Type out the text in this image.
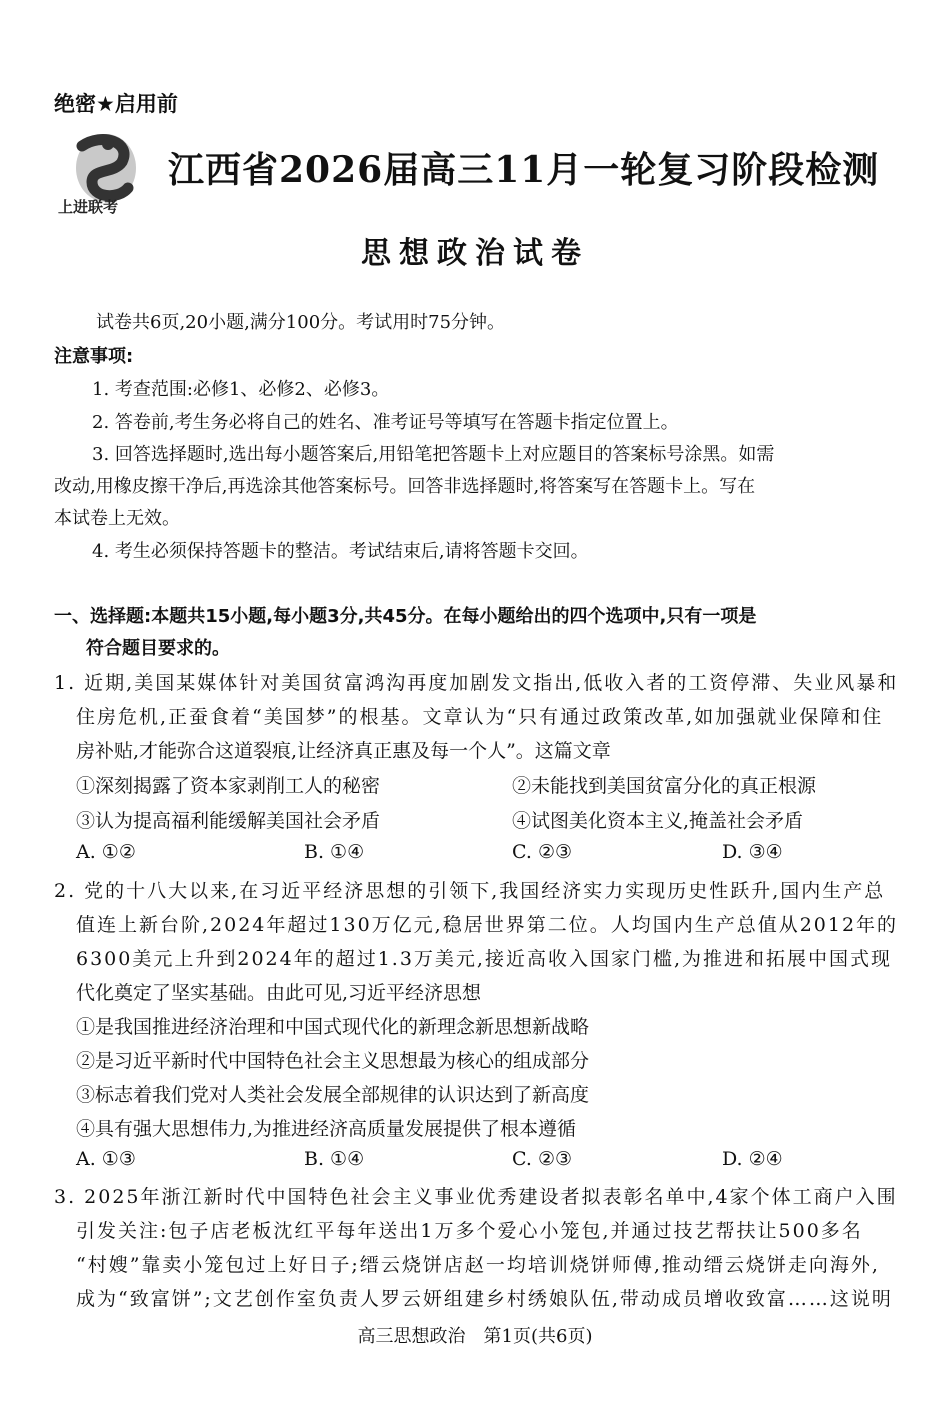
绝密★启用前
上进联考
江西省2026届高三11月一轮复习阶段检测
思想政治试卷
试卷共6页,20小题,满分100分。考试用时75分钟。
注意事项:
1. 考查范围:必修1、必修2、必修3。
2. 答卷前,考生务必将自己的姓名、准考证号等填写在答题卡指定位置上。
3. 回答选择题时,选出每小题答案后,用铅笔把答题卡上对应题目的答案标号涂黑。如需
改动,用橡皮擦干净后,再选涂其他答案标号。回答非选择题时,将答案写在答题卡上。写在
本试卷上无效。
4. 考生必须保持答题卡的整洁。考试结束后,请将答题卡交回。
一、选择题:本题共15小题,每小题3分,共45分。在每小题给出的四个选项中,只有一项是
符合题目要求的。
1. 近期,美国某媒体针对美国贫富鸿沟再度加剧发文指出,低收入者的工资停滞、失业风暴和
住房危机,正蚕食着“美国梦”的根基。文章认为“只有通过政策改革,如加强就业保障和住
房补贴,才能弥合这道裂痕,让经济真正惠及每一个人”。这篇文章
①深刻揭露了资本家剥削工人的秘密	②未能找到美国贫富分化的真正根源
③认为提高福利能缓解美国社会矛盾	④试图美化资本主义,掩盖社会矛盾
A. ①②	B. ①④	C. ②③	D. ③④
2. 党的十八大以来,在习近平经济思想的引领下,我国经济实力实现历史性跃升,国内生产总
值连上新台阶,2024年超过130万亿元,稳居世界第二位。人均国内生产总值从2012年的
6300美元上升到2024年的超过1.3万美元,接近高收入国家门槛,为推进和拓展中国式现
代化奠定了坚实基础。由此可见,习近平经济思想
①是我国推进经济治理和中国式现代化的新理念新思想新战略
②是习近平新时代中国特色社会主义思想最为核心的组成部分
③标志着我们党对人类社会发展全部规律的认识达到了新高度
④具有强大思想伟力,为推进经济高质量发展提供了根本遵循
A. ①③	B. ①④	C. ②③	D. ②④
3. 2025年浙江新时代中国特色社会主义事业优秀建设者拟表彰名单中,4家个体工商户入围
引发关注:包子店老板沈红平每年送出1万多个爱心小笼包,并通过技艺帮扶让500多名
“村嫂”靠卖小笼包过上好日子;缙云烧饼店赵一均培训烧饼师傅,推动缙云烧饼走向海外,
成为“致富饼”;文艺创作室负责人罗云妍组建乡村绣娘队伍,带动成员增收致富……这说明
高三思想政治　第1页(共6页)
